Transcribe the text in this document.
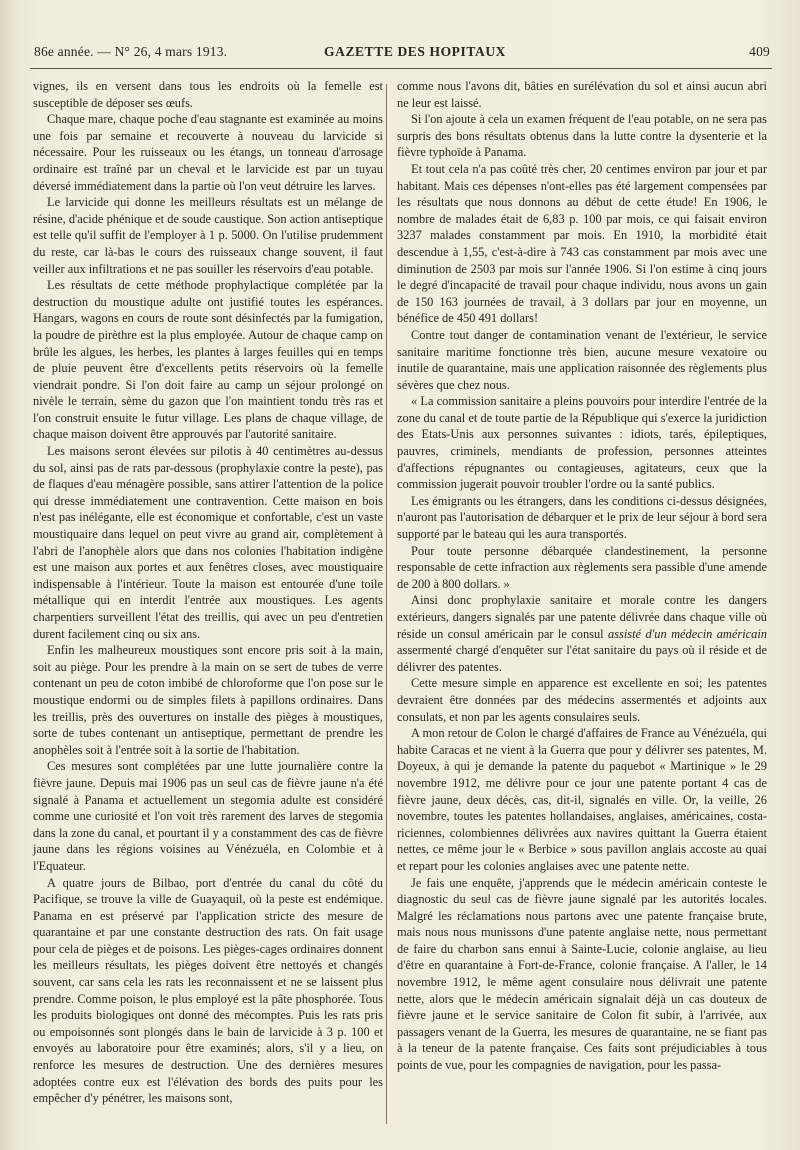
86e année. — N° 26, 4 mars 1913.	GAZETTE DES HOPITAUX	409

vignes, ils en versent dans tous les endroits où la femelle est susceptible de déposer ses œufs.

Chaque mare, chaque poche d'eau stagnante est examinée au moins une fois par semaine et recouverte à nouveau du larvicide si nécessaire. Pour les ruisseaux ou les étangs, un tonneau d'arrosage ordinaire est traîné par un cheval et le larvicide est par un tuyau déversé immédiatement dans la partie où l'on veut détruire les larves.

Le larvicide qui donne les meilleurs résultats est un mélange de résine, d'acide phénique et de soude caustique. Son action antiseptique est telle qu'il suffit de l'employer à 1 p. 5000. On l'utilise prudemment du reste, car là-bas le cours des ruisseaux change souvent, il faut veiller aux infiltrations et ne pas souiller les réservoirs d'eau potable.

Les résultats de cette méthode prophylactique complétée par la destruction du moustique adulte ont justifié toutes les espérances. Hangars, wagons en cours de route sont désinfectés par la fumigation, la poudre de pirèthre est la plus employée. Autour de chaque camp on brûle les algues, les herbes, les plantes à larges feuilles qui en temps de pluie peuvent être d'excellents petits réservoirs où la femelle viendrait pondre. Si l'on doit faire au camp un séjour prolongé on nivèle le terrain, sème du gazon que l'on maintient tondu très ras et l'on construit ensuite le futur village. Les plans de chaque village, de chaque maison doivent être approuvés par l'autorité sanitaire.

Les maisons seront élevées sur pilotis à 40 centimètres au-dessus du sol, ainsi pas de rats par-dessous (prophylaxie contre la peste), pas de flaques d'eau ménagère possible, sans attirer l'attention de la police qui dresse immédiatement une contravention. Cette maison en bois n'est pas inélégante, elle est économique et confortable, c'est un vaste moustiquaire dans lequel on peut vivre au grand air, complètement à l'abri de l'anophèle alors que dans nos colonies l'habitation indigène est une maison aux portes et aux fenêtres closes, avec moustiquaire indispensable à l'intérieur. Toute la maison est entourée d'une toile métallique qui en interdit l'entrée aux moustiques. Les agents charpentiers surveillent l'état des treillis, qui avec un peu d'entretien durent facilement cinq ou six ans.

Enfin les malheureux moustiques sont encore pris soit à la main, soit au piège. Pour les prendre à la main on se sert de tubes de verre contenant un peu de coton imbibé de chloroforme que l'on pose sur le moustique endormi ou de simples filets à papillons ordinaires. Dans les treillis, près des ouvertures on installe des pièges à moustiques, sorte de tubes contenant un antiseptique, permettant de prendre les anophèles soit à l'entrée soit à la sortie de l'habitation.

Ces mesures sont complétées par une lutte journalière contre la fièvre jaune. Depuis mai 1906 pas un seul cas de fièvre jaune n'a été signalé à Panama et actuellement un stegomia adulte est considéré comme une curiosité et l'on voit très rarement des larves de stegomia dans la zone du canal, et pourtant il y a constamment des cas de fièvre jaune dans les régions voisines au Vénézuéla, en Colombie et à l'Equateur.

A quatre jours de Bilbao, port d'entrée du canal du côté du Pacifique, se trouve la ville de Guayaquil, où la peste est endémique. Panama en est préservé par l'application stricte des mesure de quarantaine et par une constante destruction des rats. On fait usage pour cela de pièges et de poisons. Les pièges-cages ordinaires donnent les meilleurs résultats, les pièges doivent être nettoyés et changés souvent, car sans cela les rats les reconnaissent et ne se laissent plus prendre. Comme poison, le plus employé est la pâte phosphorée. Tous les produits biologiques ont donné des mécomptes. Puis les rats pris ou empoisonnés sont plongés dans le bain de larvicide à 3 p. 100 et envoyés au laboratoire pour être examinés; alors, s'il y a lieu, on renforce les mesures de destruction. Une des dernières mesures adoptées contre eux est l'élévation des bords des puits pour les empêcher d'y pénétrer, les maisons sont,

comme nous l'avons dit, bâties en surélévation du sol et ainsi aucun abri ne leur est laissé.

Si l'on ajoute à cela un examen fréquent de l'eau potable, on ne sera pas surpris des bons résultats obtenus dans la lutte contre la dysenterie et la fièvre typhoïde à Panama.

Et tout cela n'a pas coûté très cher, 20 centimes environ par jour et par habitant. Mais ces dépenses n'ont-elles pas été largement compensées par les résultats que nous donnons au début de cette étude! En 1906, le nombre de malades était de 6,83 p. 100 par mois, ce qui faisait environ 3237 malades constamment par mois. En 1910, la morbidité était descendue à 1,55, c'est-à-dire à 743 cas constamment par mois avec une diminution de 2503 par mois sur l'année 1906. Si l'on estime à cinq jours le degré d'incapacité de travail pour chaque individu, nous avons un gain de 150 163 journées de travail, à 3 dollars par jour en moyenne, un bénéfice de 450 491 dollars!

Contre tout danger de contamination venant de l'extérieur, le service sanitaire maritime fonctionne très bien, aucune mesure vexatoire ou inutile de quarantaine, mais une application raisonnée des règlements plus sévères que chez nous.

« La commission sanitaire a pleins pouvoirs pour interdire l'entrée de la zone du canal et de toute partie de la République qui s'exerce la juridiction des Etats-Unis aux personnes suivantes : idiots, tarés, épileptiques, pauvres, criminels, mendiants de profession, personnes atteintes d'affections répugnantes ou contagieuses, agitateurs, ceux que la commission jugerait pouvoir troubler l'ordre ou la santé publics.

Les émigrants ou les étrangers, dans les conditions ci-dessus désignées, n'auront pas l'autorisation de débarquer et le prix de leur séjour à bord sera supporté par le bateau qui les aura transportés.

Pour toute personne débarquée clandestinement, la personne responsable de cette infraction aux règlements sera passible d'une amende de 200 à 800 dollars. »

Ainsi donc prophylaxie sanitaire et morale contre les dangers extérieurs, dangers signalés par une patente délivrée dans chaque ville où réside un consul américain par le consul assisté d'un médecin américain assermenté chargé d'enquêter sur l'état sanitaire du pays où il réside et de délivrer des patentes.

Cette mesure simple en apparence est excellente en soi; les patentes devraient être données par des médecins assermentés et adjoints aux consulats, et non par les agents consulaires seuls.

A mon retour de Colon le chargé d'affaires de France au Vénézuéla, qui habite Caracas et ne vient à la Guerra que pour y délivrer ses patentes, M. Doyeux, à qui je demande la patente du paquebot « Martinique » le 29 novembre 1912, me délivre pour ce jour une patente portant 4 cas de fièvre jaune, deux décès, cas, dit-il, signalés en ville. Or, la veille, 26 novembre, toutes les patentes hollandaises, anglaises, américaines, costa-riciennes, colombiennes délivrées aux navires quittant la Guerra étaient nettes, ce même jour le « Berbice » sous pavillon anglais accoste au quai et repart pour les colonies anglaises avec une patente nette.

Je fais une enquête, j'apprends que le médecin américain conteste le diagnostic du seul cas de fièvre jaune signalé par les autorités locales. Malgré les réclamations nous partons avec une patente française brute, mais nous nous munissons d'une patente anglaise nette, nous permettant de faire du charbon sans ennui à Sainte-Lucie, colonie anglaise, au lieu d'être en quarantaine à Fort-de-France, colonie française. A l'aller, le 14 novembre 1912, le même agent consulaire nous délivrait une patente nette, alors que le médecin américain signalait déjà un cas douteux de fièvre jaune et le service sanitaire de Colon fit subir, à l'arrivée, aux passagers venant de la Guerra, les mesures de quarantaine, ne se fiant pas à la teneur de la patente française. Ces faits sont préjudiciables à tous points de vue, pour les compagnies de navigation, pour les passa-
